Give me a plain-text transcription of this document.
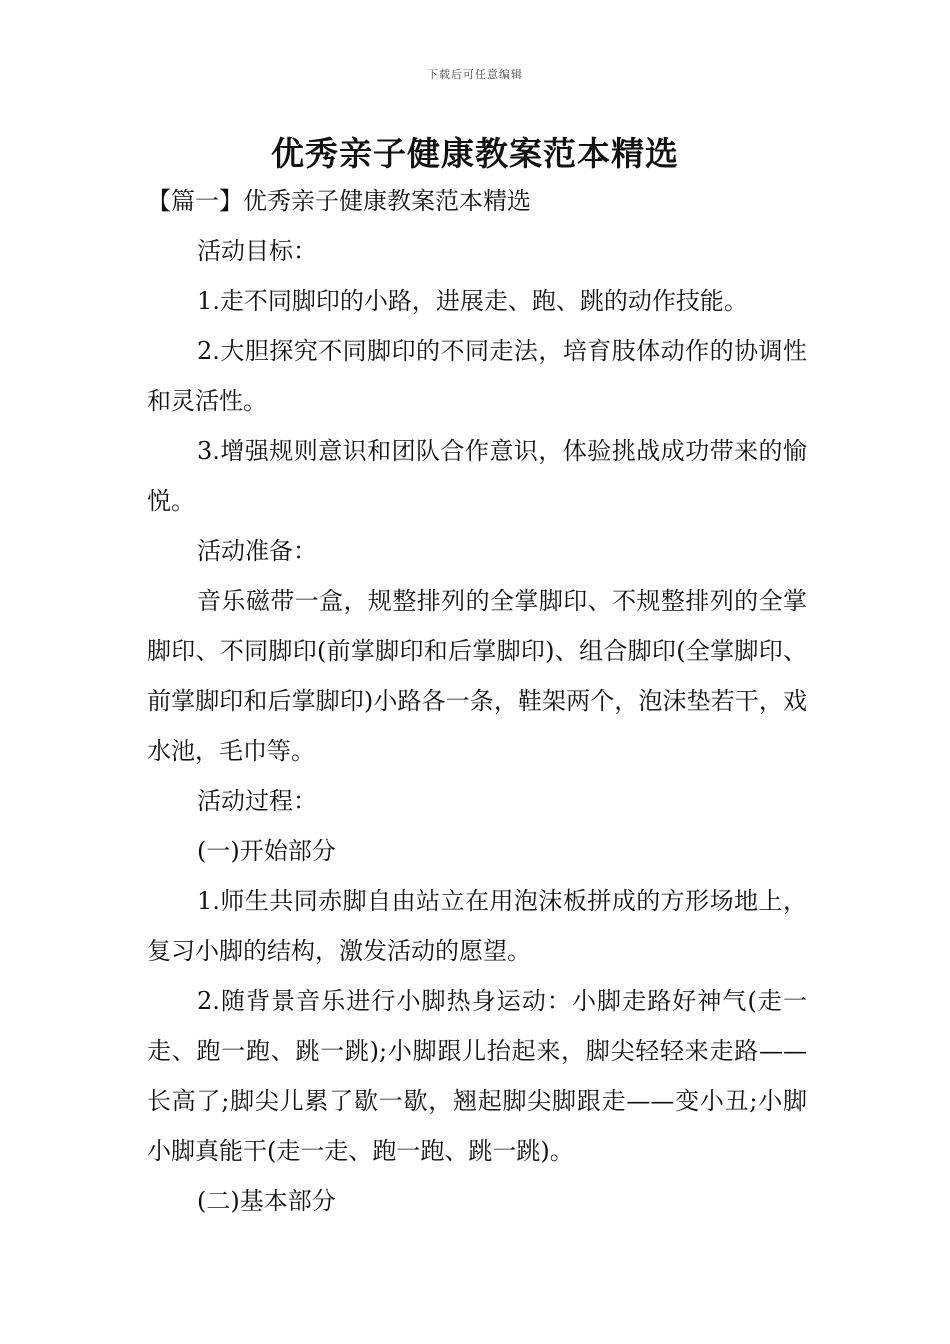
下载后可任意编辑
优秀亲子健康教案范本精选

【篇一】优秀亲子健康教案范本精选

活动目标：

1.走不同脚印的小路，进展走、跑、跳的动作技能。

2.大胆探究不同脚印的不同走法，培育肢体动作的协调性和灵活性。

3.增强规则意识和团队合作意识，体验挑战成功带来的愉悦。

活动准备：

音乐磁带一盒，规整排列的全掌脚印、不规整排列的全掌脚印、不同脚印(前掌脚印和后掌脚印)、组合脚印(全掌脚印、前掌脚印和后掌脚印)小路各一条，鞋架两个，泡沫垫若干，戏水池，毛巾等。

活动过程：

(一)开始部分

1.师生共同赤脚自由站立在用泡沫板拼成的方形场地上，复习小脚的结构，激发活动的愿望。

2.随背景音乐进行小脚热身运动：小脚走路好神气(走一走、跑一跑、跳一跳);小脚跟儿抬起来，脚尖轻轻来走路——长高了;脚尖儿累了歇一歇，翘起脚尖脚跟走——变小丑;小脚小脚真能干(走一走、跑一跑、跳一跳)。

(二)基本部分
